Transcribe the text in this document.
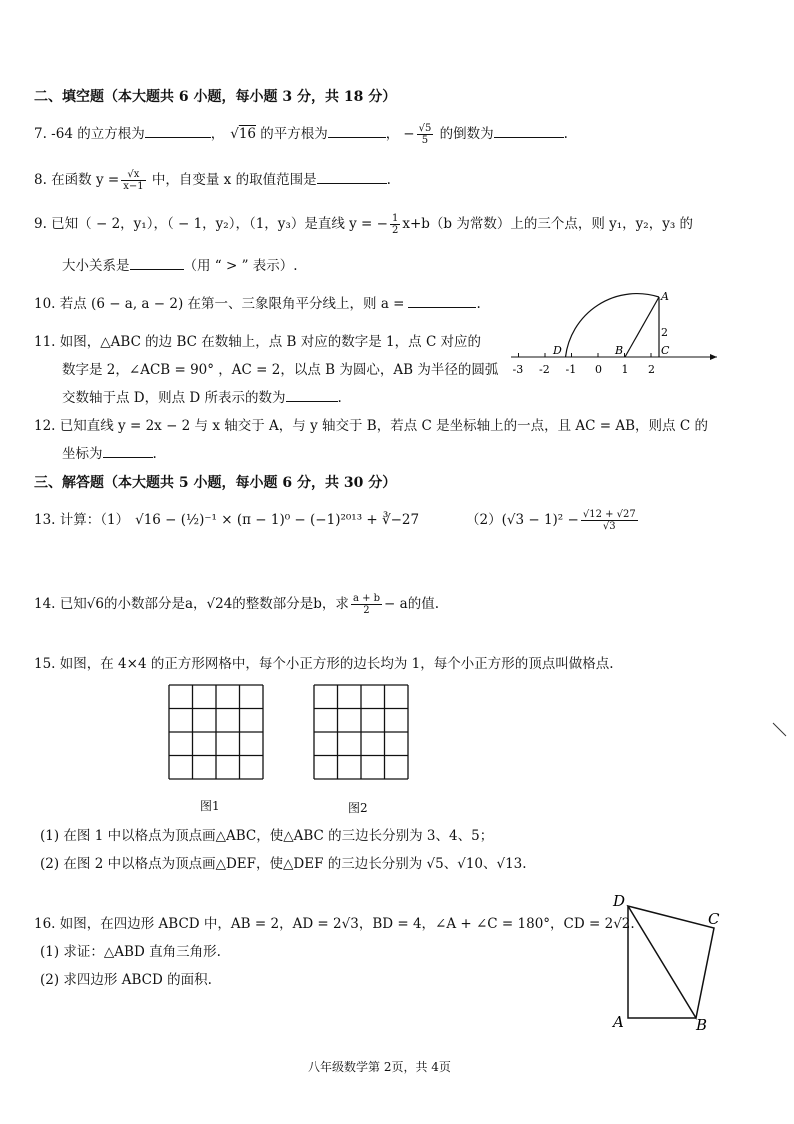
二、填空题（本大题共 6 小题，每小题 3 分，共 18 分）
7. -64 的立方根为	， √16 的平方根为	， − $\frac{√5}{5}$ 的倒数为	.
8. 在函数 $y = \frac{√x}{x-1}$ 中，自变量 x 的取值范围是	.
9. 已知（ − 2，y₁），（ − 1，y₂），（1，y₃）是直线 y = − $\frac{1}{2} x+b(b$ 为常数）上的三个点，则 y₁，y₂，y₃ 的
大小关系是	（用 “ > ” 表示）.
10. 若点 (6 − a, a − 2) 在第一、三象限角平分线上，则 a =	.
11. 如图，△ABC 的边 BC 在数轴上，点 B 对应的数字是 1，点 C 对应的
数字是 2，∠ACB = 90° ，AC = 2，以点 B 为圆心，AB 为半径的圆弧
交数轴于点 D，则点 D 所表示的数为	.
-3 -2 -1 0 1 2
A
B	C
D
2
12. 已知直线 y = 2x − 2 与 x 轴交于 A，与 y 轴交于 B，若点 C 是坐标轴上的一点，且 AC = AB，则点 C 的
坐标为	.
三、解答题（本大题共 5 小题，每小题 6 分，共 30 分）
13. 计算：（1） √16 − (½)⁻¹ × (π − 1)⁰ − (−1)²⁰¹³ + ∛−27	$(2)(√3 - 1)^2 - \frac{√12 + √27}{√3}$
14. 已知√6的小数部分是a，√24的整数部分是b，求 $\frac{a + b}{2} - a$的值.
15. 如图，在 4×4 的正方形网格中，每个小正方形的边长均为 1，每个小正方形的顶点叫做格点.
图1	图2
(1) 在图 1 中以格点为顶点画△ABC，使△ABC 的三边长分别为 3、4、5；
(2) 在图 2 中以格点为顶点画△DEF，使△DEF 的三边长分别为 √5、√10、√13.
16. 如图，在四边形 ABCD 中，AB = 2，AD = 2√3，BD = 4，∠A + ∠C = 180°，CD = 2√2.
(1) 求证：△ABD 直角三角形.
(2) 求四边形 ABCD 的面积.
D
C
A	B
八年级数学第 2页，共 4页
